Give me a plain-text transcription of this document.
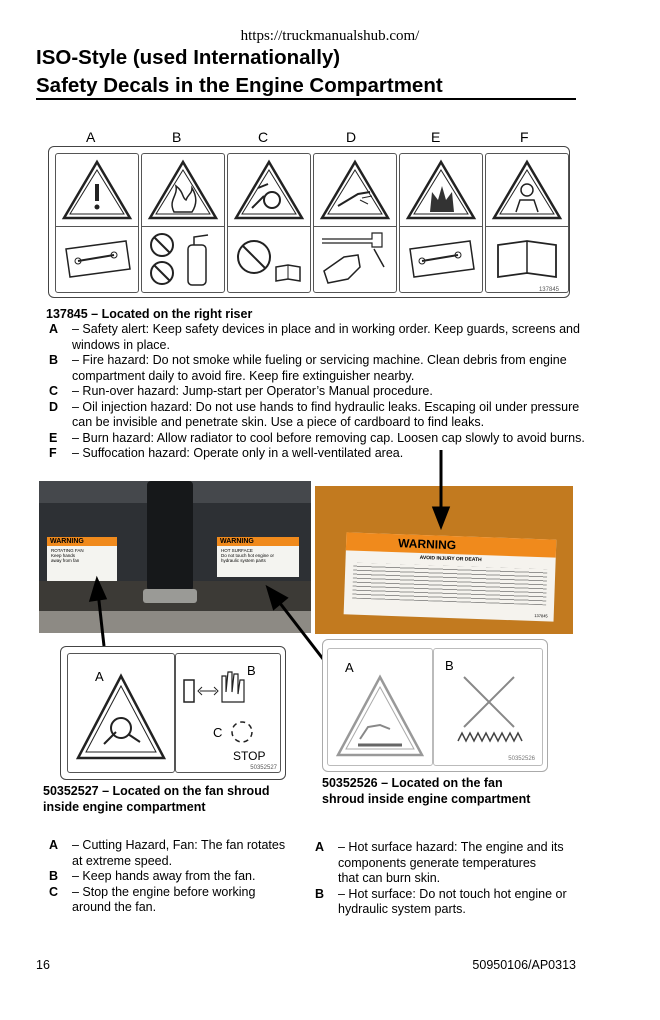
https://truckmanualshub.com/
ISO-Style (used Internationally)
Safety Decals in the Engine Compartment
A	B	C	D	E	F
137845
137845 – Located on the right riser
A – Safety alert: Keep safety devices in place and in working order. Keep guards, screens and windows in place.
B – Fire hazard: Do not smoke while fueling or servicing machine. Clean debris from engine compartment daily to avoid fire. Keep fire extinguisher nearby.
C – Run-over hazard: Jump-start per Operator’s Manual procedure.
D – Oil injection hazard: Do not use hands to find hydraulic leaks. Escaping oil under pressure can be invisible and penetrate skin. Use a piece of cardboard to find leaks.
E – Burn hazard: Allow radiator to cool before removing cap. Loosen cap slowly to avoid burns.
F – Suffocation hazard: Operate only in a well-ventilated area.
WARNING
ROTATING FAN
Keep hands
away from fan
WARNING
HOT SURFACE
Do not touch hot engine or
hydraulic system parts
WARNING
AVOID INJURY OR DEATH
137845
A	B
C
STOP
50352527
A	B
50352526
50352527 – Located on the fan shroud
inside engine compartment
50352526 – Located on the fan
shroud inside engine compartment
A – Cutting Hazard, Fan: The fan rotates
at extreme speed.
B – Keep hands away from the fan.
C – Stop the engine before working
around the fan.
A – Hot surface hazard: The engine and its
components generate temperatures
that can burn skin.
B – Hot surface: Do not touch hot engine or
hydraulic system parts.
16	50950106/AP0313
